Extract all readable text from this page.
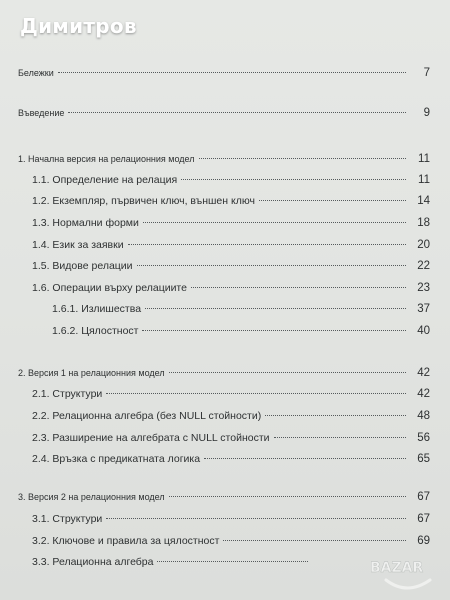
Димитров
Бележки	7
Въведение	9
1. Начална версия на релационния модел	11
1.1. Определение на релация	11
1.2. Екземпляр, първичен ключ, външен ключ	14
1.3. Нормални форми	18
1.4. Език за заявки	20
1.5. Видове релации	22
1.6. Операции върху релациите	23
1.6.1. Излишества	37
1.6.2. Цялостност	40
2. Версия 1 на релационния модел	42
2.1. Структури	42
2.2. Релационна алгебра (без NULL стойности)	48
2.3. Разширение на алгебрата с NULL стойности	56
2.4. Връзка с предикатната логика	65
3. Версия 2 на релационния модел	67
3.1. Структури	67
3.2. Ключове и правила за цялостност	69
3.3. Релационна алгебра	BAZAR
